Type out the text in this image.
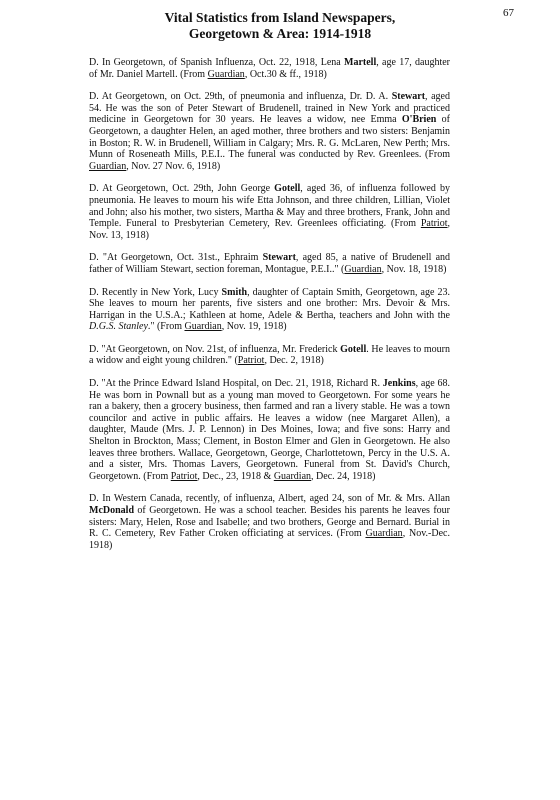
67
Vital Statistics from Island Newspapers,
Georgetown & Area: 1914-1918

D. In Georgetown, of Spanish Influenza, Oct. 22, 1918, Lena Martell, age 17, daughter of Mr. Daniel Martell. (From Guardian, Oct.30 & ff., 1918)

D. At Georgetown, on Oct. 29th, of pneumonia and influenza, Dr. D. A. Stewart, aged 54. He was the son of Peter Stewart of Brudenell, trained in New York and practiced medicine in Georgetown for 30 years. He leaves a widow, nee Emma O'Brien of Georgetown, a daughter Helen, an aged mother, three brothers and two sisters: Benjamin in Boston; R. W. in Brudenell, William in Calgary; Mrs. R. G. McLaren, New Perth; Mrs. Munn of Roseneath Mills, P.E.I.. The funeral was conducted by Rev. Greenlees. (From Guardian, Nov. 27 Nov. 6, 1918)

D. At Georgetown, Oct. 29th, John George Gotell, aged 36, of influenza followed by pneumonia. He leaves to mourn his wife Etta Johnson, and three children, Lillian, Violet and John; also his mother, two sisters, Martha & May and three brothers, Frank, John and Temple. Funeral to Presbyterian Cemetery, Rev. Greenlees officiating. (From Patriot, Nov. 13, 1918)

D. "At Georgetown, Oct. 31st., Ephraim Stewart, aged 85, a native of Brudenell and father of William Stewart, section foreman, Montague, P.E.I.." (Guardian, Nov. 18, 1918)

D. Recently in New York, Lucy Smith, daughter of Captain Smith, Georgetown, age 23. She leaves to mourn her parents, five sisters and one brother: Mrs. Devoir & Mrs. Harrigan in the U.S.A.; Kathleen at home, Adele & Bertha, teachers and John with the D.G.S. Stanley." (From Guardian, Nov. 19, 1918)

D. "At Georgetown, on Nov. 21st, of influenza, Mr. Frederick Gotell. He leaves to mourn a widow and eight young children." (Patriot, Dec. 2, 1918)

D. "At the Prince Edward Island Hospital, on Dec. 21, 1918, Richard R. Jenkins, age 68. He was born in Pownall but as a young man moved to Georgetown. For some years he ran a bakery, then a grocery business, then farmed and ran a livery stable. He was a town councilor and active in public affairs. He leaves a widow (nee Margaret Allen), a daughter, Maude (Mrs. J. P. Lennon) in Des Moines, Iowa; and five sons: Harry and Shelton in Brockton, Mass; Clement, in Boston Elmer and Glen in Georgetown. He also leaves three brothers. Wallace, Georgetown, George, Charlottetown, Percy in the U.S. A. and a sister, Mrs. Thomas Lavers, Georgetown. Funeral from St. David's Church, Georgetown. (From Patriot, Dec., 23, 1918 & Guardian, Dec. 24, 1918)

D. In Western Canada, recently, of influenza, Albert, aged 24, son of Mr. & Mrs. Allan McDonald of Georgetown. He was a school teacher. Besides his parents he leaves four sisters: Mary, Helen, Rose and Isabelle; and two brothers, George and Bernard. Burial in R. C. Cemetery, Rev Father Croken officiating at services. (From Guardian, Nov.-Dec. 1918)
